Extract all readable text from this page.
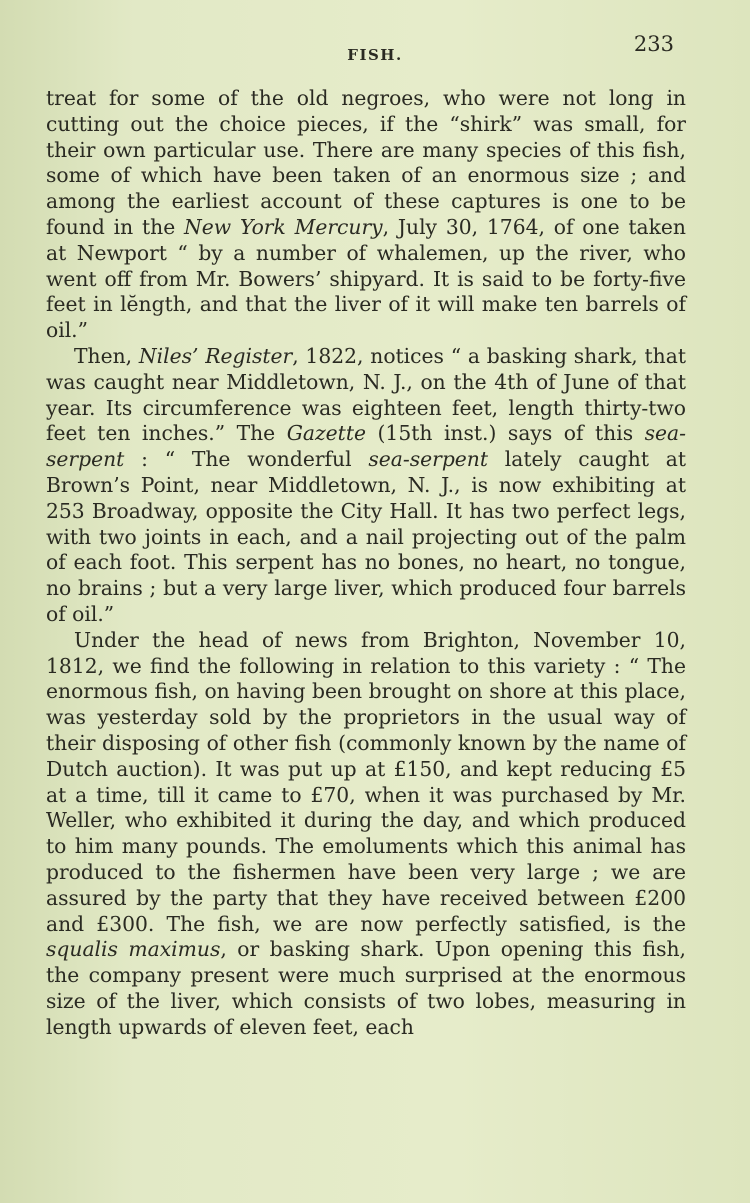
FISH.	233

treat for some of the old negroes, who were not long in cutting out the choice pieces, if the “shirk” was small, for their own particular use. There are many species of this fish, some of which have been taken of an enormous size ; and among the earliest account of these captures is one to be found in the New York Mercury, July 30, 1764, of one taken at Newport “ by a number of whalemen, up the river, who went off from Mr. Bowers’ shipyard. It is said to be forty-five feet in lĕngth, and that the liver of it will make ten barrels of oil.”

Then, Niles’ Register, 1822, notices “ a basking shark, that was caught near Middletown, N. J., on the 4th of June of that year. Its circumference was eighteen feet, length thirty-two feet ten inches.” The Gazette (15th inst.) says of this sea-serpent : “ The wonderful sea-serpent lately caught at Brown’s Point, near Middletown, N. J., is now exhibiting at 253 Broadway, opposite the City Hall. It has two perfect legs, with two joints in each, and a nail projecting out of the palm of each foot. This serpent has no bones, no heart, no tongue, no brains ; but a very large liver, which produced four barrels of oil.”

Under the head of news from Brighton, November 10, 1812, we find the following in relation to this variety : “ The enormous fish, on having been brought on shore at this place, was yesterday sold by the proprietors in the usual way of their disposing of other fish (commonly known by the name of Dutch auction). It was put up at £150, and kept reducing £5 at a time, till it came to £70, when it was purchased by Mr. Weller, who exhibited it during the day, and which produced to him many pounds. The emoluments which this animal has produced to the fishermen have been very large ; we are assured by the party that they have received between £200 and £300. The fish, we are now perfectly satisfied, is the squalis maximus, or basking shark. Upon opening this fish, the company present were much surprised at the enormous size of the liver, which consists of two lobes, measuring in length upwards of eleven feet, each
